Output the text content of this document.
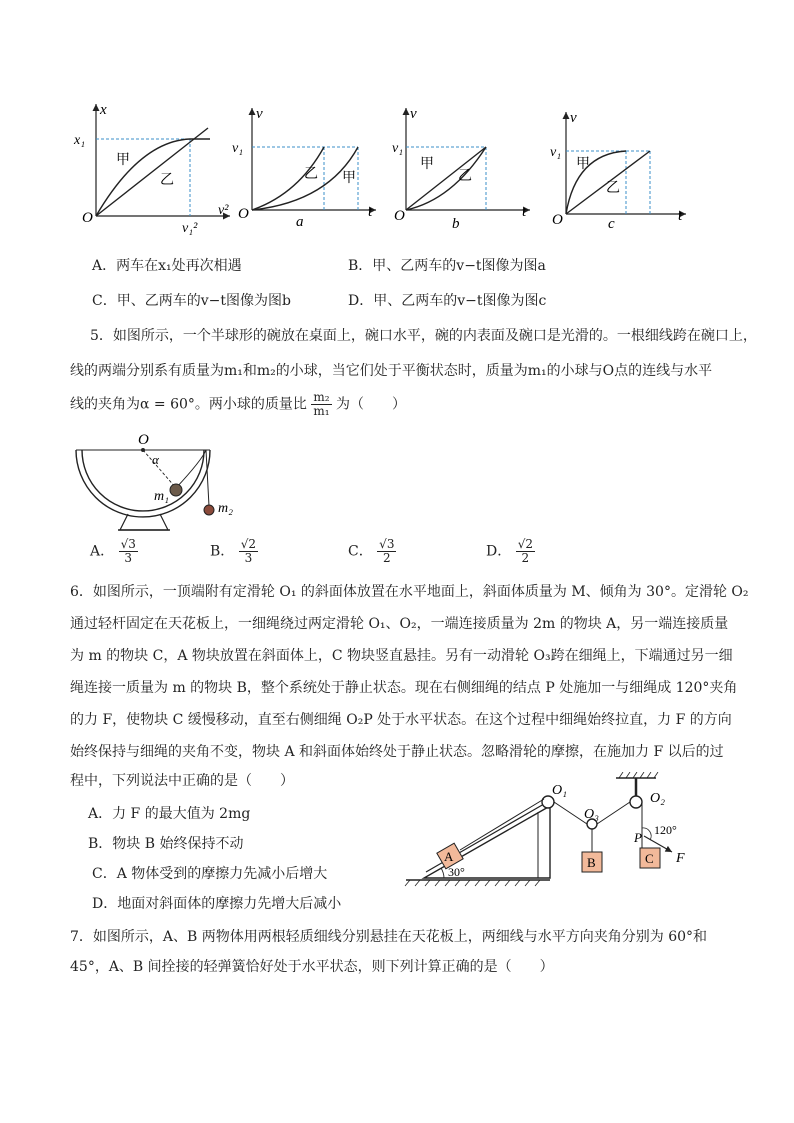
x
v²
x₁
v₁²
O
甲
乙
v
t
v₁
O
乙 甲
a
v
t
v₁
O
甲
乙
b
v
t
v₁
O
甲
乙
c
A．两车在x₁处再次相遇	B．甲、乙两车的v−t图像为图a
C．甲、乙两车的v−t图像为图b	D．甲、乙两车的v−t图像为图c
5．如图所示，一个半球形的碗放在桌面上，碗口水平，碗的内表面及碗口是光滑的。一根细线跨在碗口上，
线的两端分别系有质量为m₁和m₂的小球，当它们处于平衡状态时，质量为m₁的小球与O点的连线与水平
线的夹角为α = 60°。两小球的质量比 $\frac{\text{m₂}}{\text{m₁}}$ 为（　　）
O
α
m₁
m₂
A． $\frac{√3}{3}$	B． $\frac{√2}{3}$	C． $\frac{√3}{2}$	D． $\frac{√2}{2}$
6．如图所示，一顶端附有定滑轮 O₁ 的斜面体放置在水平地面上，斜面体质量为 M、倾角为 30°。定滑轮 O₂
通过轻杆固定在天花板上，一细绳绕过两定滑轮 O₁、O₂，一端连接质量为 2m 的物块 A，另一端连接质量
为 m 的物块 C，A 物块放置在斜面体上，C 物块竖直悬挂。另有一动滑轮 O₃跨在细绳上，下端通过另一细
绳连接一质量为 m 的物块 B，整个系统处于静止状态。现在右侧细绳的结点 P 处施加一与细绳成 120°夹角
的力 F，使物块 C 缓慢移动，直至右侧细绳 O₂P 处于水平状态。在这个过程中细绳始终拉直，力 F 的方向
始终保持与细绳的夹角不变，物块 A 和斜面体始终处于静止状态。忽略滑轮的摩擦，在施加力 F 以后的过
程中，下列说法中正确的是（　　）
A．力 F 的最大值为 2mg
B．物块 B 始终保持不动
C．A 物体受到的摩擦力先减小后增大
D．地面对斜面体的摩擦力先增大后减小
O₁
O₂
O₃
A	B	C
P
F
30°
120°
7．如图所示，A、B 两物体用两根轻质细线分别悬挂在天花板上，两细线与水平方向夹角分别为 60°和
45°，A、B 间拴接的轻弹簧恰好处于水平状态，则下列计算正确的是（　　）
